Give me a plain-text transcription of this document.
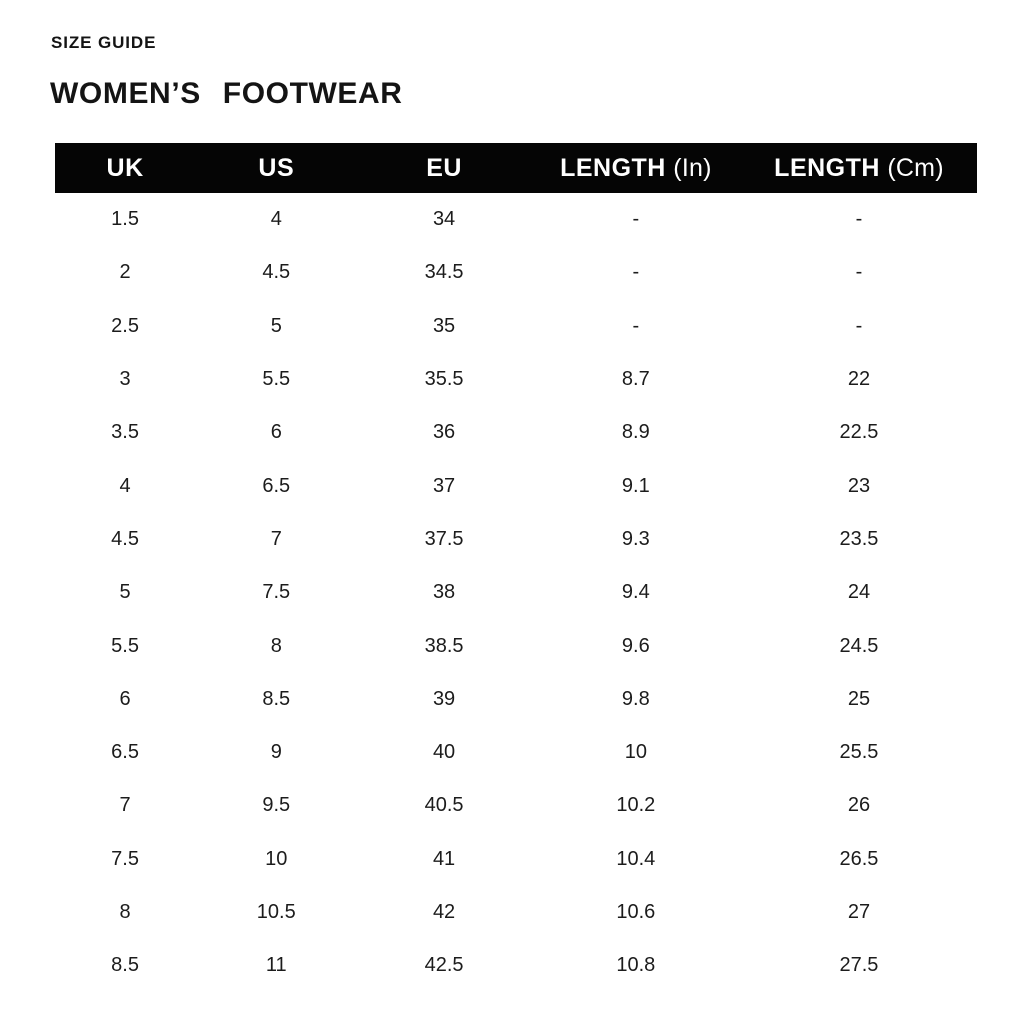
SIZE GUIDE
WOMEN’S FOOTWEAR
UK	US	EU	LENGTH (In)	LENGTH (Cm)
1.5	4	34	-	-
2	4.5	34.5	-	-
2.5	5	35	-	-
3	5.5	35.5	8.7	22
3.5	6	36	8.9	22.5
4	6.5	37	9.1	23
4.5	7	37.5	9.3	23.5
5	7.5	38	9.4	24
5.5	8	38.5	9.6	24.5
6	8.5	39	9.8	25
6.5	9	40	10	25.5
7	9.5	40.5	10.2	26
7.5	10	41	10.4	26.5
8	10.5	42	10.6	27
8.5	11	42.5	10.8	27.5
